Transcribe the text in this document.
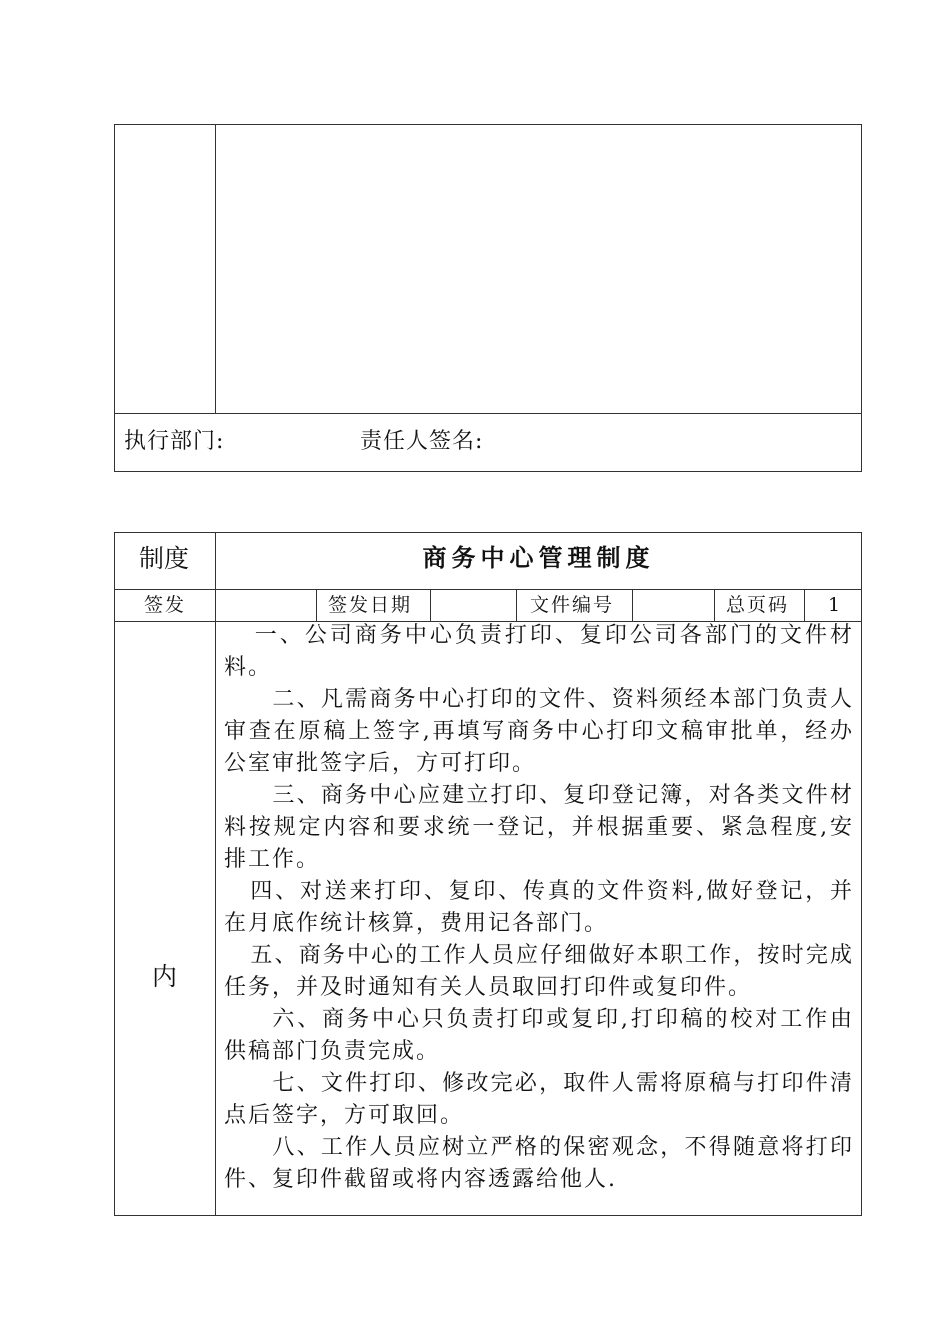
执行部门:	责任人签名:
制度	商务中心管理制度
签发	签发日期	文件编号	总页码 1
内

一、公司商务中心负责打印、复印公司各部门的文件材料。

二、凡需商务中心打印的文件、资料须经本部门负责人审查在原稿上签字,再填写商务中心打印文稿审批单，经办公室审批签字后，方可打印。

三、商务中心应建立打印、复印登记簿，对各类文件材料按规定内容和要求统一登记，并根据重要、紧急程度,安排工作。

四、对送来打印、复印、传真的文件资料,做好登记，并在月底作统计核算，费用记各部门。

五、商务中心的工作人员应仔细做好本职工作，按时完成任务，并及时通知有关人员取回打印件或复印件。

六、商务中心只负责打印或复印,打印稿的校对工作由供稿部门负责完成。

七、文件打印、修改完必，取件人需将原稿与打印件清点后签字，方可取回。

八、工作人员应树立严格的保密观念，不得随意将打印件、复印件截留或将内容透露给他人.
